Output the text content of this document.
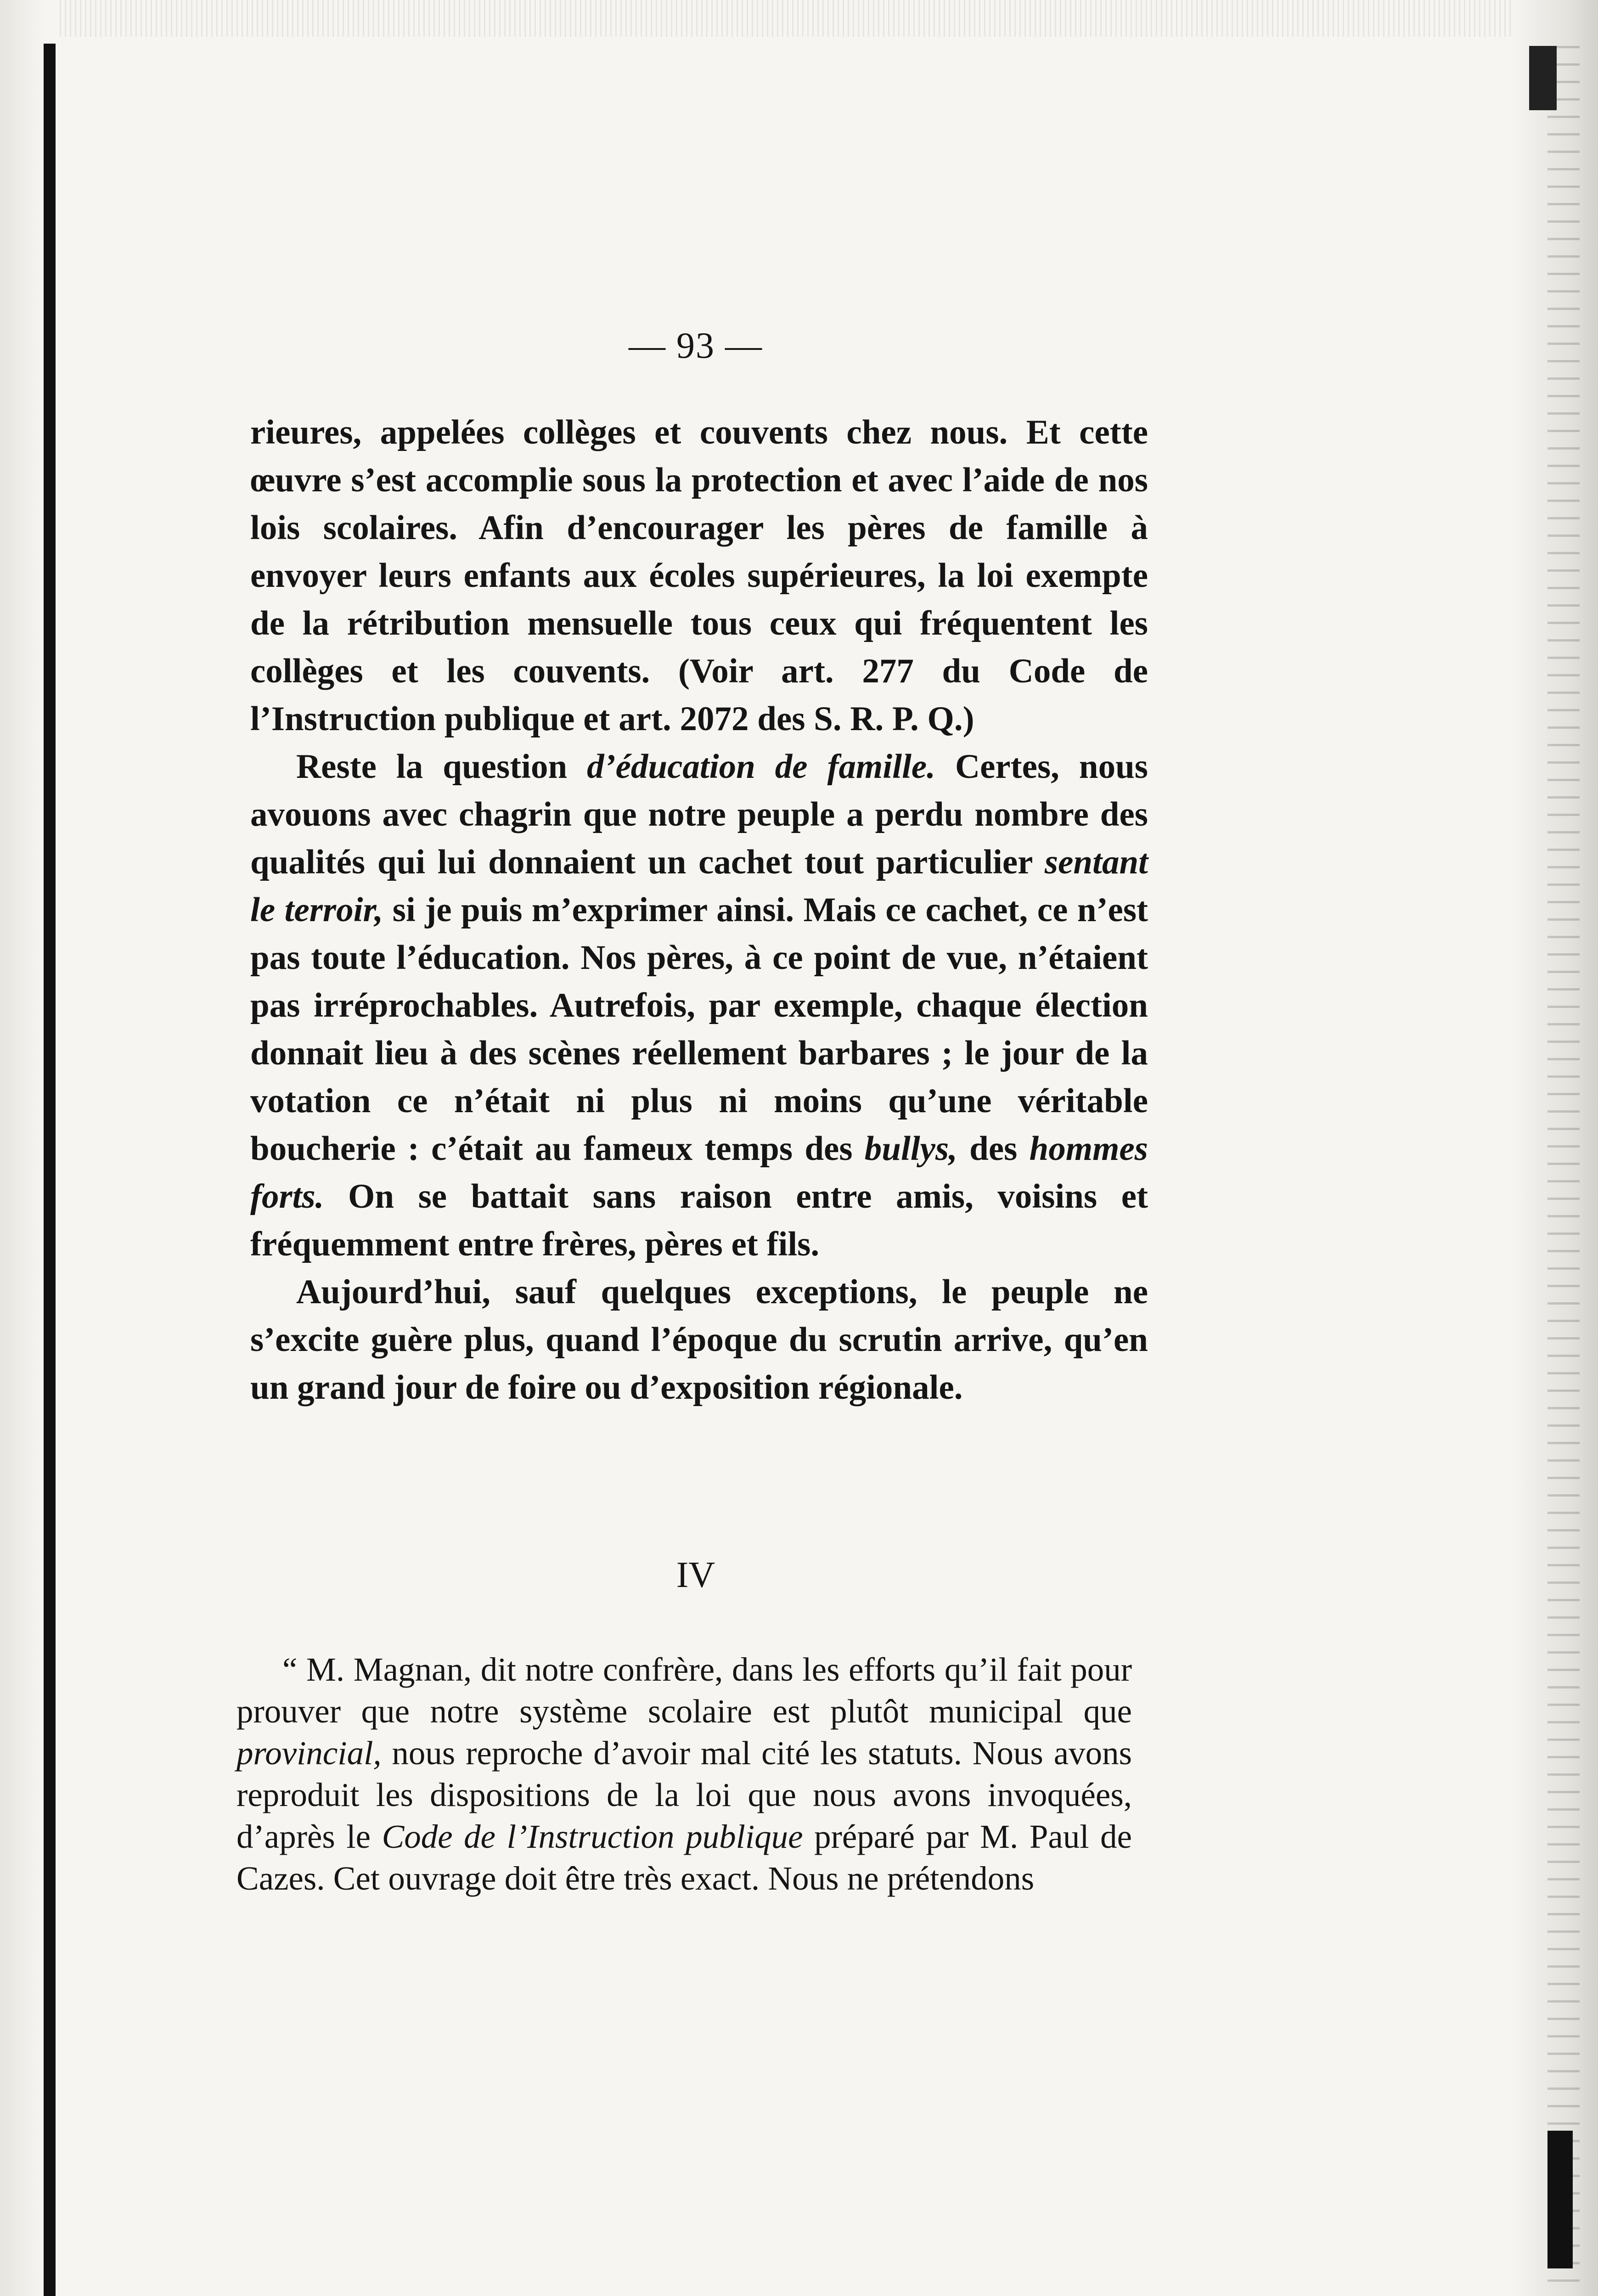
— 93 —

rieures, appelées collèges et couvents chez nous. Et cette œuvre s’est accomplie sous la protection et avec l’aide de nos lois scolaires. Afin d’encourager les pères de famille à envoyer leurs enfants aux écoles supérieures, la loi exempte de la rétribution mensuelle tous ceux qui fréquentent les collèges et les couvents. (Voir art. 277 du Code de l’Instruction publique et art. 2072 des S. R. P. Q.)

Reste la question d’éducation de famille. Certes, nous avouons avec chagrin que notre peuple a perdu nombre des qualités qui lui donnaient un cachet tout particulier sentant le terroir, si je puis m’exprimer ainsi. Mais ce cachet, ce n’est pas toute l’éducation. Nos pères, à ce point de vue, n’étaient pas irréprochables. Autrefois, par exemple, chaque élection donnait lieu à des scènes réellement barbares ; le jour de la votation ce n’était ni plus ni moins qu’une véritable boucherie : c’était au fameux temps des bullys, des hommes forts. On se battait sans raison entre amis, voisins et fréquemment entre frères, pères et fils.

Aujourd’hui, sauf quelques exceptions, le peuple ne s’excite guère plus, quand l’époque du scrutin arrive, qu’en un grand jour de foire ou d’exposition régionale.

IV

“ M. Magnan, dit notre confrère, dans les efforts qu’il fait pour prouver que notre système scolaire est plutôt municipal que provincial, nous reproche d’avoir mal cité les statuts. Nous avons reproduit les dispositions de la loi que nous avons invoquées, d’après le Code de l’Instruction publique préparé par M. Paul de Cazes. Cet ouvrage doit être très exact. Nous ne prétendons
